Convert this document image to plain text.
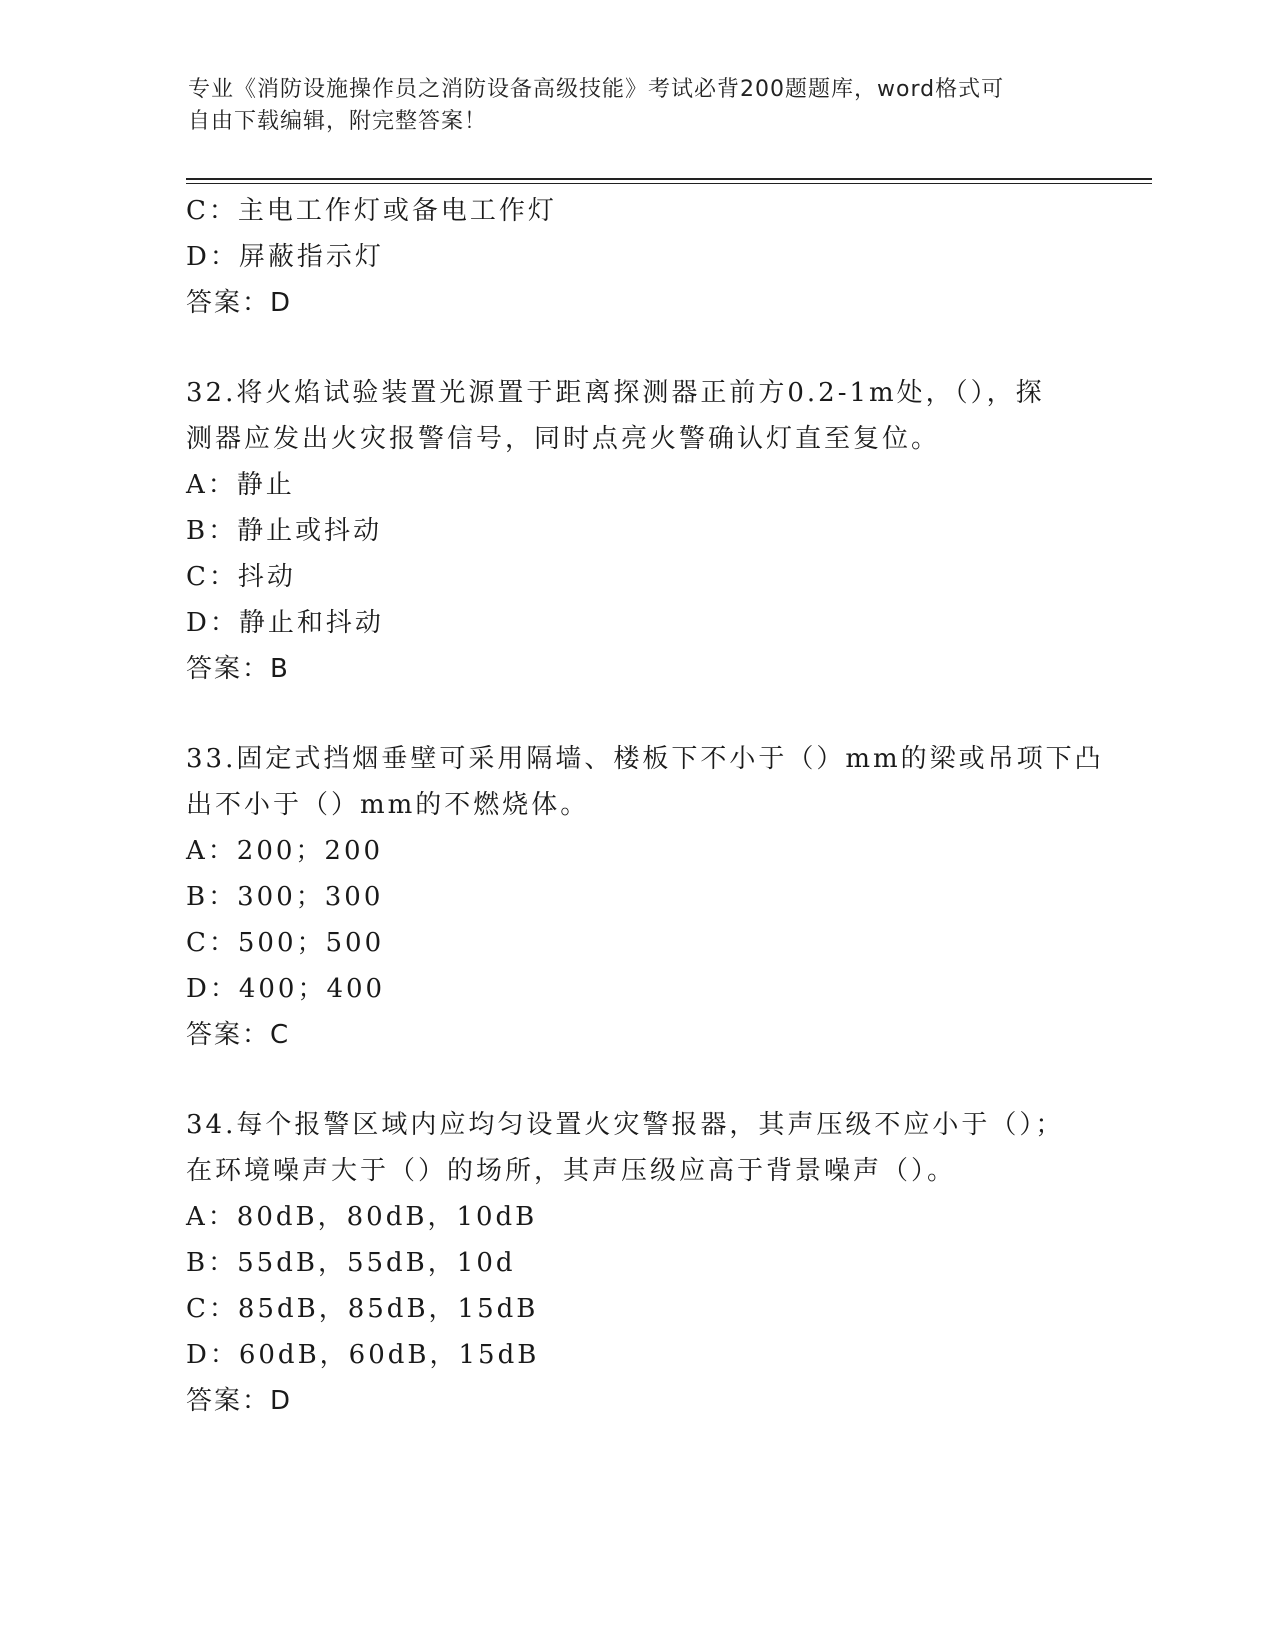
专业《消防设施操作员之消防设备高级技能》考试必背200题题库，word格式可
自由下载编辑，附完整答案！
C：主电工作灯或备电工作灯
D：屏蔽指示灯
答案：D
32.将火焰试验装置光源置于距离探测器正前方0.2-1m处，（），探
测器应发出火灾报警信号，同时点亮火警确认灯直至复位。
A：静止
B：静止或抖动
C：抖动
D：静止和抖动
答案：B
33.固定式挡烟垂壁可采用隔墙、楼板下不小于（）mm的梁或吊项下凸
出不小于（）mm的不燃烧体。
A：200；200
B：300；300
C：500；500
D：400；400
答案：C
34.每个报警区域内应均匀设置火灾警报器，其声压级不应小于（）；
在环境噪声大于（）的场所，其声压级应高于背景噪声（）。
A：80dB，80dB，10dB
B：55dB，55dB，10d
C：85dB，85dB，15dB
D：60dB，60dB，15dB
答案：D
